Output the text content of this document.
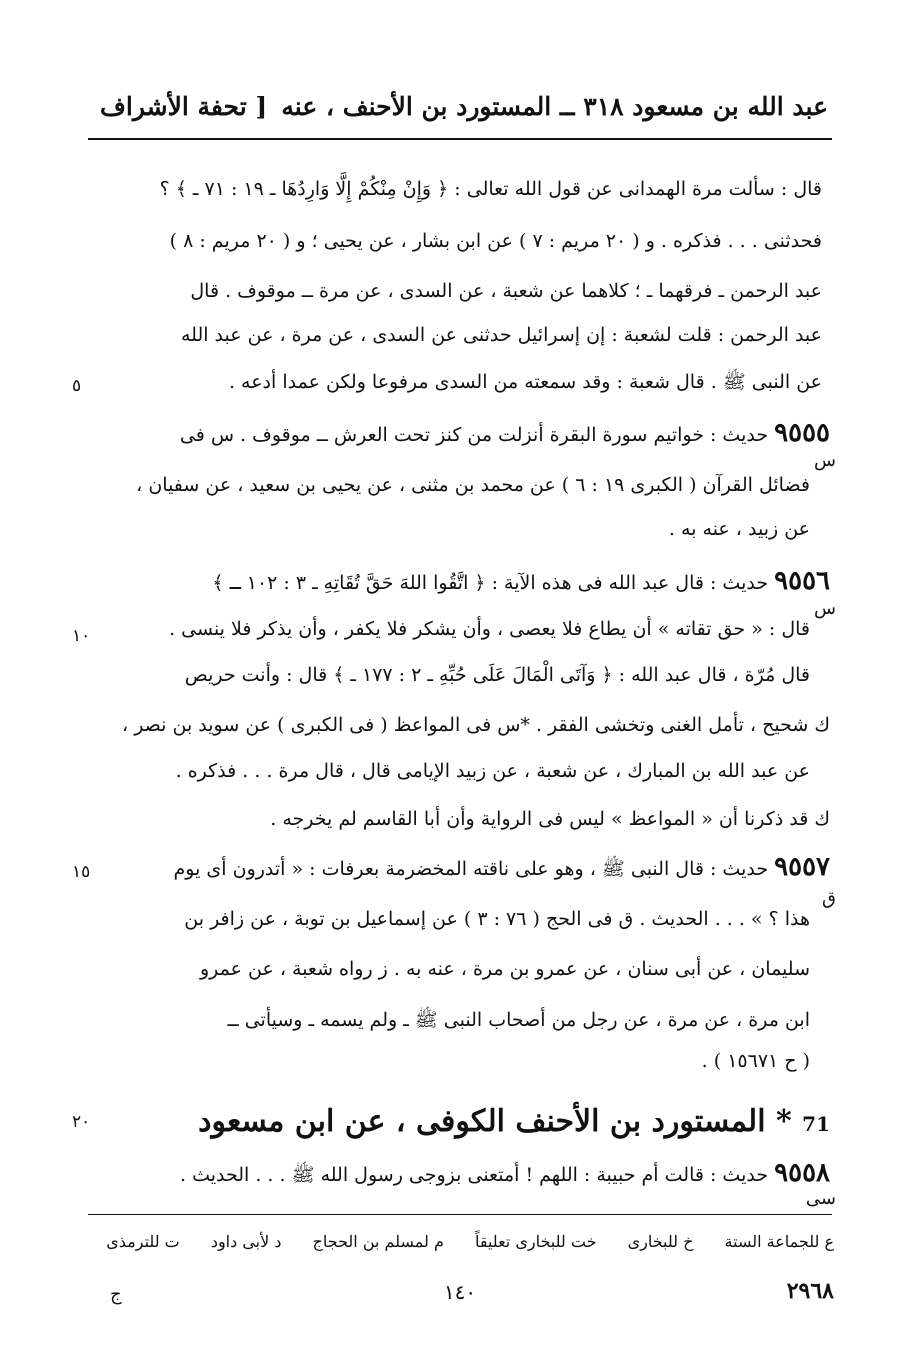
عبد الله بن مسعود ٣١٨ ــ المستورد بن الأحنف ، عنه
[ تحفة الأشراف
قال : سألت مرة الهمدانى عن قول الله تعالى : ﴿ وَإِنْ مِنْكُمْ إِلَّا وَارِدُهَا ـ ١٩ : ٧١ ـ ﴾ ؟
فحدثنى . . . فذكره . و ( ٢٠ مريم : ٧ ) عن ابن بشار ، عن يحيى ؛ و ( ٢٠ مريم : ٨ )
عبد الرحمن ـ فرقهما ـ ؛ كلاهما عن شعبة ، عن السدى ، عن مرة ــ موقوف . قال
عبد الرحمن : قلت لشعبة : إن إسرائيل حدثنى عن السدى ، عن مرة ، عن عبد الله
عن النبى ﷺ . قال شعبة : وقد سمعته من السدى مرفوعا ولكن عمدا أدعه .
٥
٩٥٥٥ حديث : خواتيم سورة البقرة أنزلت من كنز تحت العرش ــ موقوف . س فى
س
فضائل القرآن ( الكبرى ١٩ : ٦ ) عن محمد بن مثنى ، عن يحيى بن سعيد ، عن سفيان ،
عن زبيد ، عنه به .
٩٥٥٦ حديث : قال عبد الله فى هذه الآية : ﴿ اتَّقُوا اللهَ حَقَّ تُقَاتِهِ ـ ٣ : ١٠٢ ـ ﴾
س
قال : « حق تقاته » أن يطاع فلا يعصى ، وأن يشكر فلا يكفر ، وأن يذكر فلا ينسى .
١٠
قال مُرّة ، قال عبد الله : ﴿ وَآتَى الْمَالَ عَلَى حُبِّهِ ـ ٢ : ١٧٧ ـ ﴾ قال : وأنت حريص
ك شحيح ، تأمل الغنى وتخشى الفقر . *س فى المواعظ ( فى الكبرى ) عن سويد بن نصر ،
عن عبد الله بن المبارك ، عن شعبة ، عن زبيد الإيامى قال ، قال مرة . . . فذكره .
ك قد ذكرنا أن « المواعظ » ليس فى الرواية وأن أبا القاسم لم يخرجه .
٩٥٥٧ حديث : قال النبى ﷺ ، وهو على ناقته المخضرمة بعرفات : « أتدرون أى يوم
١٥
ق
هذا ؟ » . . . الحديث . ق فى الحج ( ٧٦ : ٣ ) عن إسماعيل بن توبة ، عن زافر بن
سليمان ، عن أبى سنان ، عن عمرو بن مرة ، عنه به . ز رواه شعبة ، عن عمرو
ابن مرة ، عن مرة ، عن رجل من أصحاب النبى ﷺ ـ ولم يسمه ـ وسيأتى ــ
( ح ١٥٦٧١ ) .
71 * المستورد بن الأحنف الكوفى ، عن ابن مسعود
٢٠
٩٥٥٨ حديث : قالت أم حبيبة : اللهم ! أمتعنى بزوجى رسول الله ﷺ . . . الحديث .
سى
ع للجماعة الستة خ للبخارى خت للبخارى تعليقاً م لمسلم بن الحجاج د لأبى داود ت للترمذى
١٤٠	٢٩٦٨
ج
